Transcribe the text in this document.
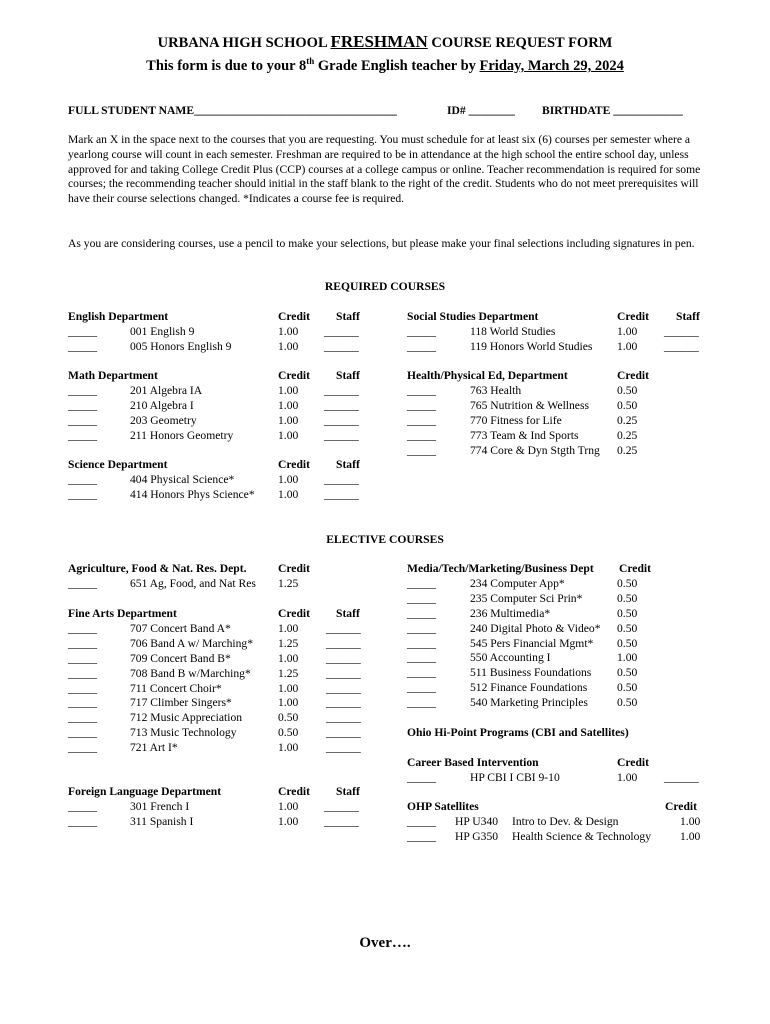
URBANA HIGH SCHOOL FRESHMAN COURSE REQUEST FORM
This form is due to your 8th Grade English teacher by Friday, March 29, 2024
FULL STUDENT NAME___________________________________	ID# ________ BIRTHDATE ____________
Mark an X in the space next to the courses that you are requesting. You must schedule for at least six (6) courses per semester where a yearlong course will count in each semester. Freshman are required to be in attendance at the high school the entire school day, unless approved for and taking College Credit Plus (CCP) courses at a college campus or online. Teacher recommendation is required for some courses; the recommending teacher should initial in the staff blank to the right of the credit. Students who do not meet prerequisites will have their course selections changed. *Indicates a course fee is required.
As you are considering courses, use a pencil to make your selections, but please make your final selections including signatures in pen.
REQUIRED COURSES
English Department	Credit Staff
_____	001 English 9	1.00 ______
_____	005 Honors English 9	1.00 ______
Social Studies Department	Credit Staff
_____	118 World Studies	1.00 ______
_____	119 Honors World Studies 1.00 ______
Math Department	Credit Staff
_____	201 Algebra IA	1.00 ______
_____	210 Algebra I	1.00 ______
_____	203 Geometry	1.00 ______
_____	211 Honors Geometry	1.00 ______
Health/Physical Ed, Department	Credit
_____	763 Health	0.50
_____	765 Nutrition & Wellness 0.50
_____	770 Fitness for Life	0.25
_____	773 Team & Ind Sports	0.25
_____	774 Core & Dyn Stgth Trng 0.25
Science Department	Credit Staff
_____	404 Physical Science*	1.00 ______
_____	414 Honors Phys Science* 1.00 ______
Agriculture, Food & Nat. Res. Dept.	Credit
_____	651 Ag, Food, and Nat Res 1.25
Media/Tech/Marketing/Business Dept Credit
_____	234 Computer App*	0.50
_____	235 Computer Sci Prin*	0.50
_____	236 Multimedia*	0.50
_____	240 Digital Photo & Video* 0.50
_____	545 Pers Financial Mgmt* 0.50
_____	550 Accounting I	1.00
_____	511 Business Foundations 0.50
_____	512 Finance Foundations	0.50
_____	540 Marketing Principles	0.50
Fine Arts Department	Credit Staff
_____	707 Concert Band A*	1.00 ______
_____	706 Band A w/ Marching* 1.25 ______
_____	709 Concert Band B*	1.00 ______
_____	708 Band B w/Marching* 1.25 ______
_____	711 Concert Choir*	1.00 ______
_____	717 Climber Singers*	1.00 ______
_____	712 Music Appreciation	0.50 ______
_____	713 Music Technology	0.50 ______
_____	721 Art I*	1.00 ______
Career Based Intervention	Credit
_____	HP CBI I CBI 9-10	1.00 ______
Foreign Language Department	Credit Staff
_____	301 French I	1.00 ______
_____	311 Spanish I	1.00 ______
OHP Satellites	Credit
_____ HP U340 Intro to Dev. & Design	1.00
_____ HP G350 Health Science & Technology 1.00
ELECTIVE COURSES
Ohio Hi-Point Programs (CBI and Satellites)
Over….
